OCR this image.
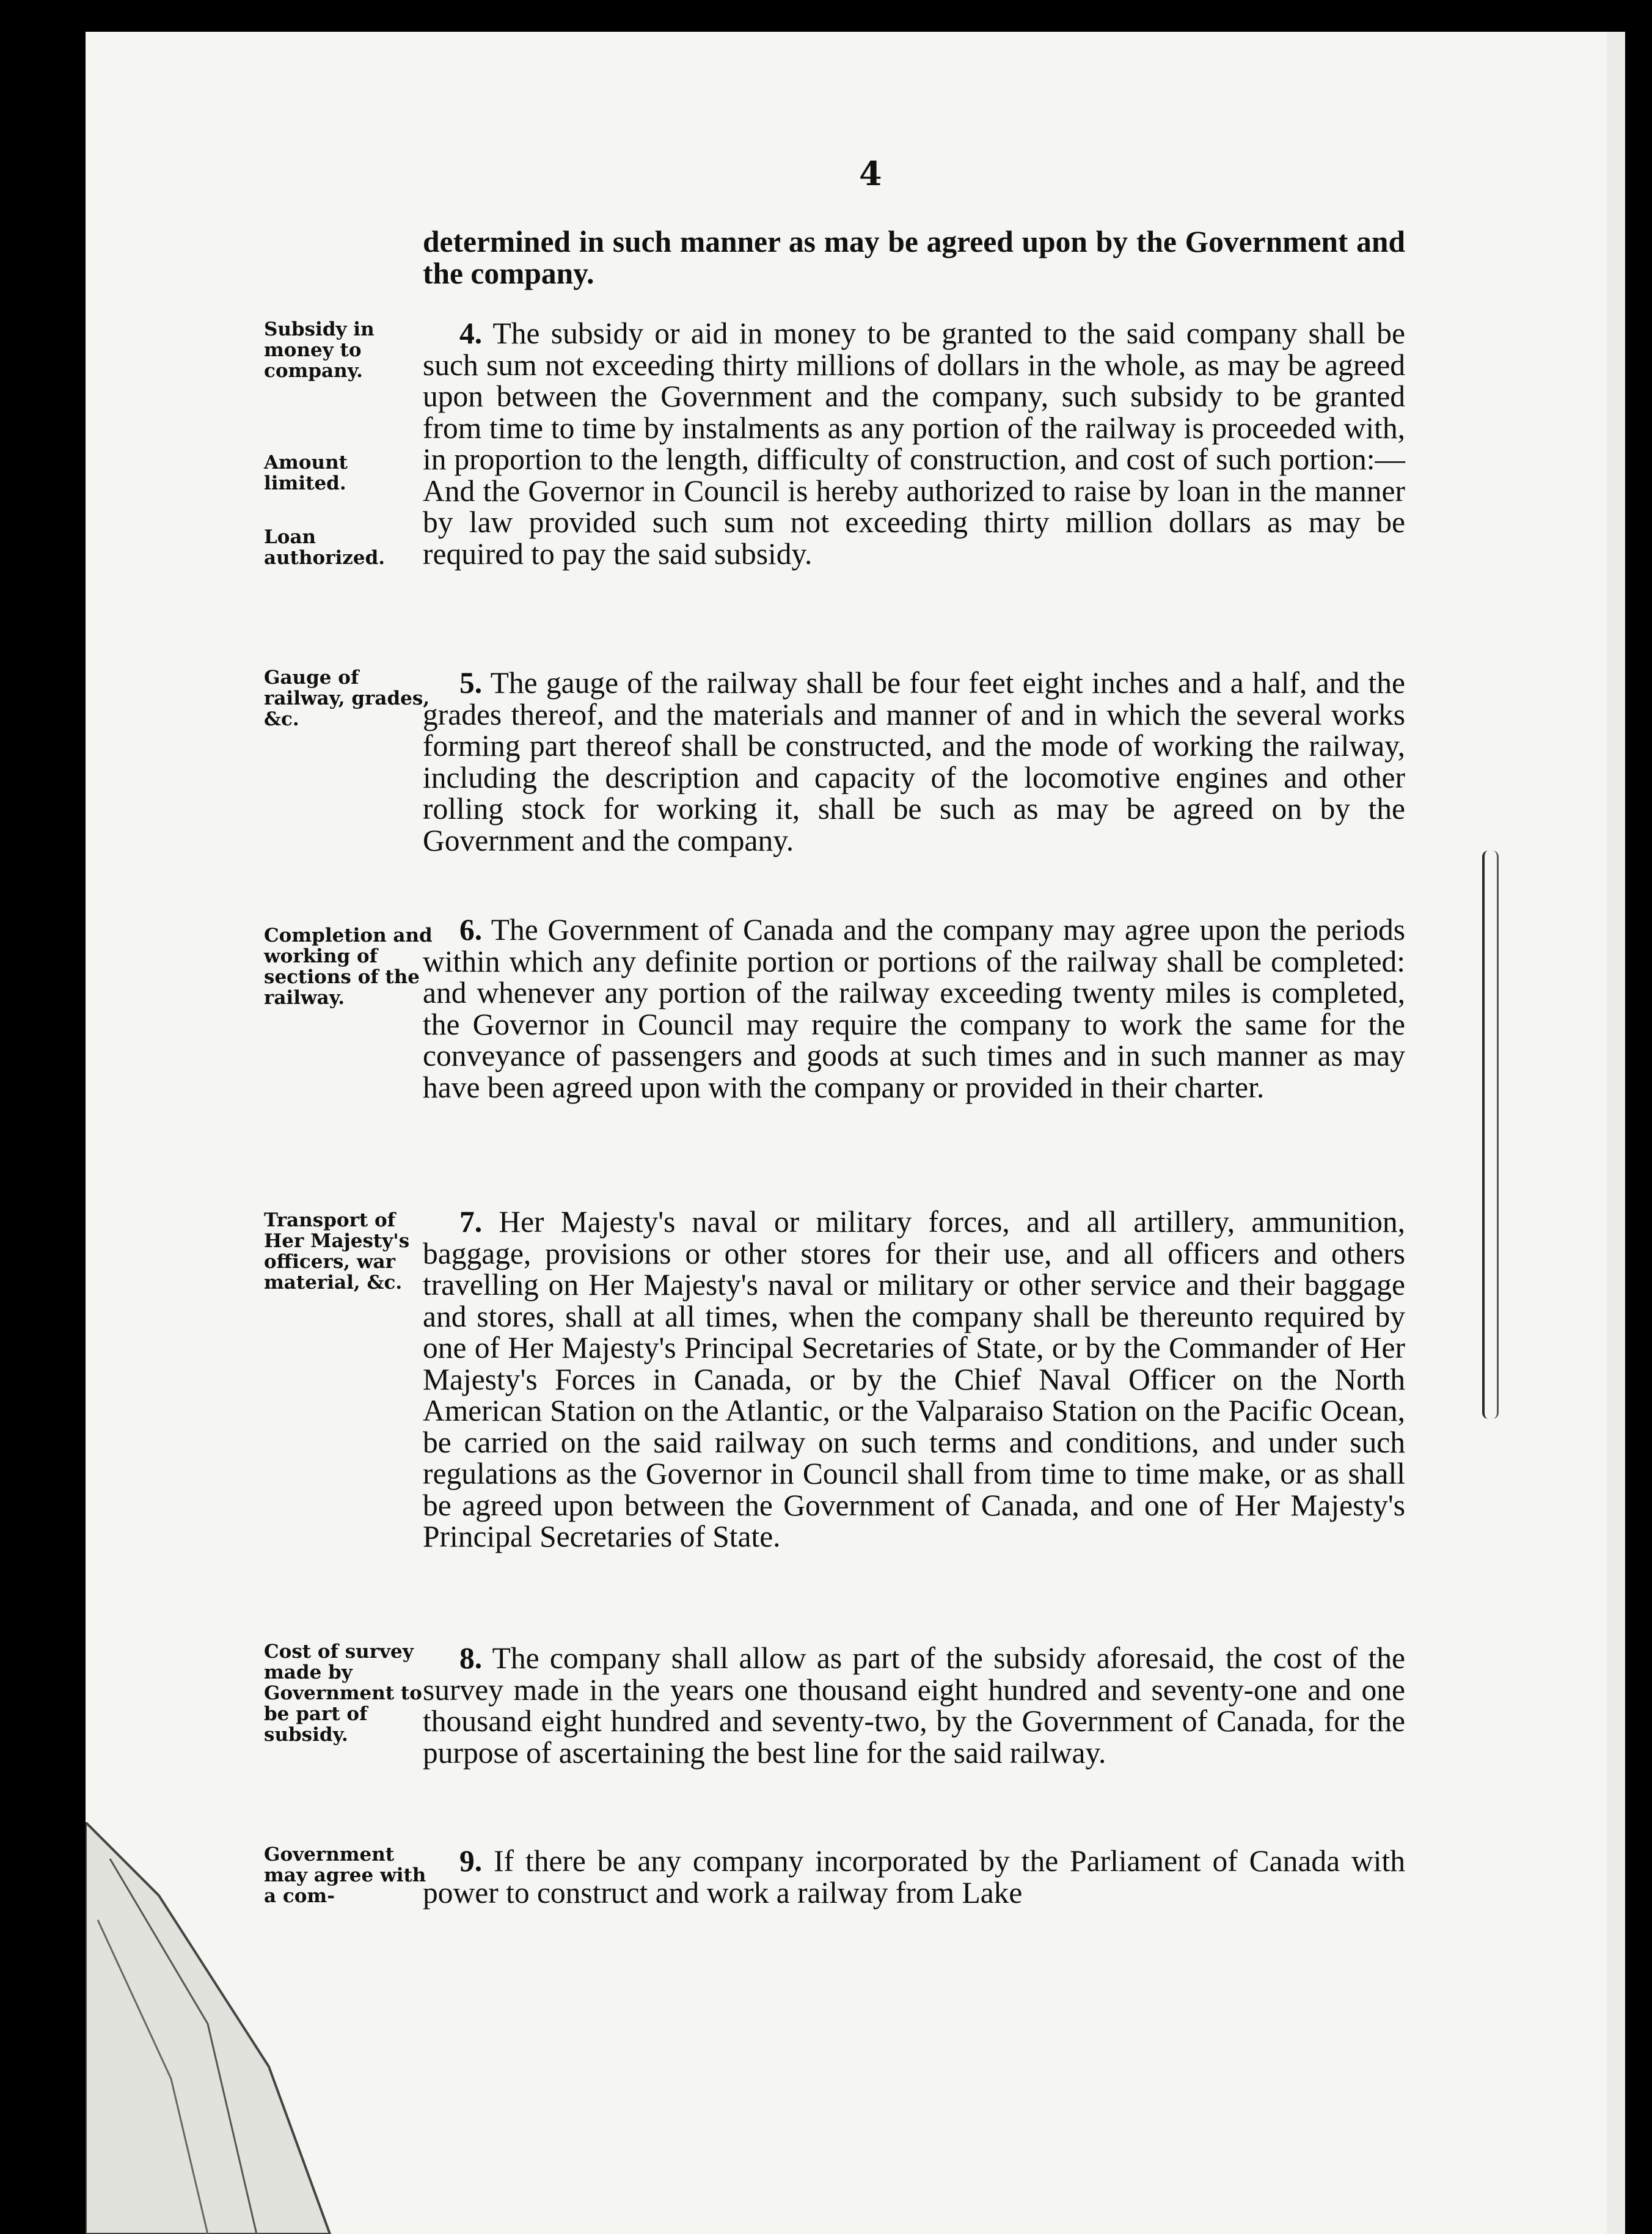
4
determined in such manner as may be agreed upon by the Government and the company.
Subsidy in money to company.
Amount limited.
Loan authorized.
4. The subsidy or aid in money to be granted to the said company shall be such sum not exceeding thirty millions of dollars in the whole, as may be agreed upon between the Government and the company, such subsidy to be granted from time to time by instalments as any portion of the railway is proceeded with, in proportion to the length, difficulty of construction, and cost of such portion:—And the Governor in Council is hereby authorized to raise by loan in the manner by law provided such sum not exceeding thirty million dollars as may be required to pay the said subsidy.
Gauge of railway, grades, &c.
5. The gauge of the railway shall be four feet eight inches and a half, and the grades thereof, and the materials and manner of and in which the several works forming part thereof shall be constructed, and the mode of working the railway, including the description and capacity of the locomotive engines and other rolling stock for working it, shall be such as may be agreed on by the Government and the company.
Completion and working of sections of the railway.
6. The Government of Canada and the company may agree upon the periods within which any definite portion or portions of the railway shall be completed: and whenever any portion of the railway exceeding twenty miles is completed, the Governor in Council may require the company to work the same for the conveyance of passengers and goods at such times and in such manner as may have been agreed upon with the company or provided in their charter.
Transport of Her Majesty's officers, war material, &c.
7. Her Majesty's naval or military forces, and all artillery, ammunition, baggage, provisions or other stores for their use, and all officers and others travelling on Her Majesty's naval or military or other service and their baggage and stores, shall at all times, when the company shall be thereunto required by one of Her Majesty's Principal Secretaries of State, or by the Commander of Her Majesty's Forces in Canada, or by the Chief Naval Officer on the North American Station on the Atlantic, or the Valparaiso Station on the Pacific Ocean, be carried on the said railway on such terms and conditions, and under such regulations as the Governor in Council shall from time to time make, or as shall be agreed upon between the Government of Canada, and one of Her Majesty's Principal Secretaries of State.
Cost of survey made by Government to be part of subsidy.
8. The company shall allow as part of the subsidy aforesaid, the cost of the survey made in the years one thousand eight hundred and seventy-one and one thousand eight hundred and seventy-two, by the Government of Canada, for the purpose of ascertaining the best line for the said railway.
Government may agree with a com-
9. If there be any company incorporated by the Parliament of Canada with power to construct and work a railway from Lake
